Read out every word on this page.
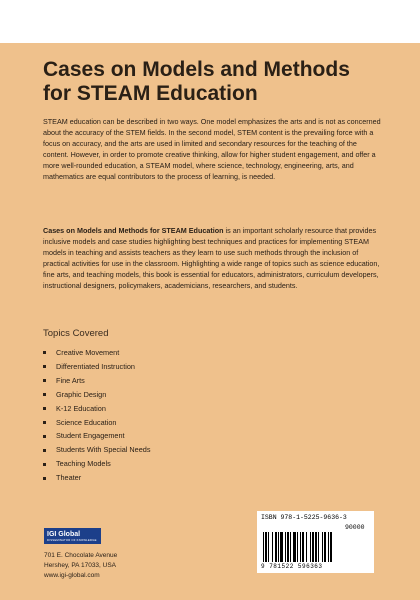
Cases on Models and Methods for STEAM Education

STEAM education can be described in two ways. One model emphasizes the arts and is not as concerned about the accuracy of the STEM fields. In the second model, STEM content is the prevailing force with a focus on accuracy, and the arts are used in limited and secondary resources for the teaching of the content. However, in order to promote creative thinking, allow for higher student engagement, and offer a more well-rounded education, a STEAM model, where science, technology, engineering, arts, and mathematics are equal contributors to the process of learning, is needed.

Cases on Models and Methods for STEAM Education is an important scholarly resource that provides inclusive models and case studies highlighting best techniques and practices for implementing STEAM models in teaching and assists teachers as they learn to use such methods through the inclusion of practical activities for use in the classroom. Highlighting a wide range of topics such as science education, fine arts, and teaching models, this book is essential for educators, administrators, curriculum developers, instructional designers, policymakers, academicians, researchers, and students.

Topics Covered
Creative Movement
Differentiated Instruction
Fine Arts
Graphic Design
K-12 Education
Science Education
Student Engagement
Students With Special Needs
Teaching Models
Theater
IGI Global
DISSEMINATOR OF KNOWLEDGE
701 E. Chocolate Avenue
Hershey, PA 17033, USA
www.igi-global.com
ISBN 978-1-5225-9636-3
90000
9 781522 596363
